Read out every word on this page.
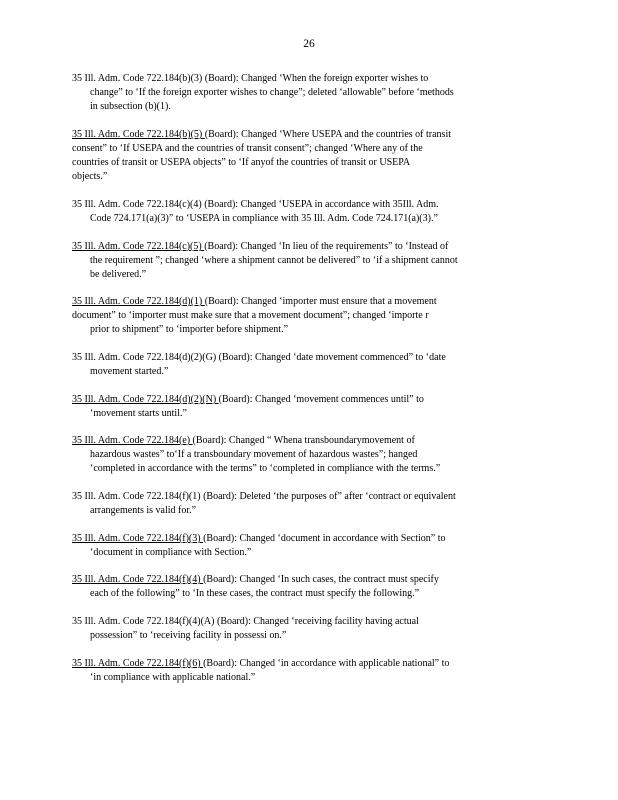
26

35 Ill. Adm. Code 722.184(b)(3) (Board): Changed ‘When the foreign exporter wishes to
change” to ‘If the foreign exporter wishes to change”; deleted ‘allowable” before ‘methods
in subsection (b)(1).

35 Ill. Adm. Code 722.184(b)(5) (Board): Changed ‘Where USEPA and the countries of transit
consent” to ‘If USEPA and the countries of transit consent”; changed ‘Where any of the
countries of transit or USEPA objects” to ‘If anyof the countries of transit or USEPA
objects.”

35 Ill. Adm. Code 722.184(c)(4) (Board): Changed ‘USEPA in accordance with 35Ill. Adm.
Code 724.171(a)(3)” to ‘USEPA in compliance with 35 Ill. Adm. Code 724.171(a)(3).”

35 Ill. Adm. Code 722.184(c)(5) (Board): Changed ‘In lieu of the requirements” to ‘Instead of
the requirement ”; changed ‘where a shipment cannot be delivered” to ‘if a shipment cannot
be delivered.”

35 Ill. Adm. Code 722.184(d)(1) (Board): Changed ‘importer must ensure that a movement
document” to ‘importer must make sure that a movement document”; changed ‘importe r
prior to shipment” to ‘importer before shipment.”

35 Ill. Adm. Code 722.184(d)(2)(G) (Board): Changed ‘date movement commenced” to ‘date
movement started.”

35 Ill. Adm. Code 722.184(d)(2)(N) (Board): Changed ‘movement commences until” to
‘movement starts until.”

35 Ill. Adm. Code 722.184(e) (Board): Changed “ Whena transboundarymovement of
hazardous wastes” to‘If a transboundary movement of hazardous wastes”; hanged
‘completed in accordance with the terms” to ‘completed in compliance with the terms.”

35 Ill. Adm. Code 722.184(f)(1) (Board): Deleted ‘the purposes of” after ‘contract or equivalent
arrangements is valid for.”

35 Ill. Adm. Code 722.184(f)(3) (Board): Changed ‘document in accordance with Section” to
‘document in compliance with Section.”

35 Ill. Adm. Code 722.184(f)(4) (Board): Changed ‘In such cases, the contract must specify
each of the following” to ‘In these cases, the contract must specify the following.”

35 Ill. Adm. Code 722.184(f)(4)(A) (Board): Changed ‘receiving facility having actual
possession” to ‘receiving facility in possessi on.”

35 Ill. Adm. Code 722.184(f)(6) (Board): Changed ‘in accordance with applicable national” to
‘in compliance with applicable national.”
